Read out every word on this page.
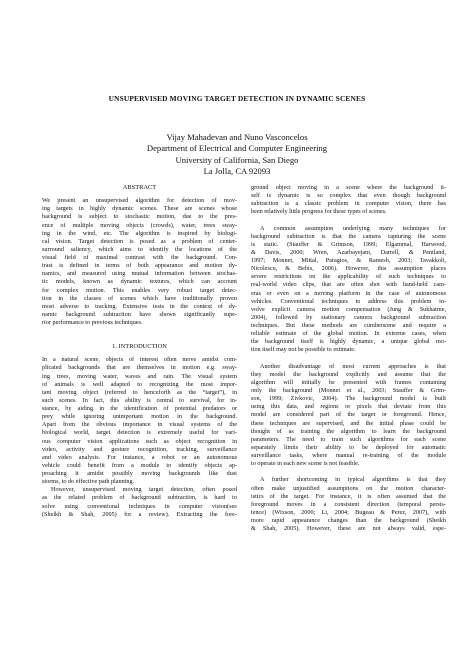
UNSUPERVISED MOVING TARGET DETECTION IN DYNAMIC SCENES
Vijay Mahadevan and Nuno Vasconcelos
Department of Electrical and Computer Engineering
University of California, San Diego
La Jolla, CA 92093
ABSTRACT
We present an unsupervised algorithm for detection of mov-
ing targets in highly dynamic scenes. These are scenes whose
background is subject to stochastic motion, due to the pres-
ence of multiple moving objects (crowds), water, trees sway-
ing in the wind, etc. The algorithm is inspired by biologi-
cal vision. Target detection is posed as a problem of center-
surround saliency, which aims to identify the locations of the
visual field of maximal contrast with the background. Con-
trast is defined in terms of both appearance and motion dy-
namics, and measured using mutual information between stochas-
tic models, known as dynamic textures, which can account
for complex motion. This enables very robust target detec-
tion in the classes of scenes which have traditionally proven
most adverse to tracking. Extensive tests in the context of dy-
namic background subtraction have shown significantly supe-
rior performance to previous techniques.
1. INTRODUCTION
In a natural scene, objects of interest often move amidst com-
plicated backgrounds that are themselves in motion e.g. sway-
ing trees, moving water, waves and rain. The visual system
of animals is well adapted to recognizing the most impor-
tant moving object (referred to henceforth as the “target”), in
such scenes. In fact, this ability is central to survival, for in-
stance, by aiding in the identification of potential predators or
prey while ignoring unimportant motion in the background.
Apart from the obvious importance in visual systems of the
biological world, target detection is extremely useful for vari-
ous computer vision applications such as object recognition in
video, activity and gesture recognition, tracking, surveillance
and video analysis. For instance, a robot or an autonomous
vehicle could benefit from a module to identify objects ap-
proaching it amidst possibly moving backgrounds like dust
storms, to do effective path planning.
However, unsupervised moving target detection, often posed
as the related problem of background subtraction, is hard to
solve using conventional techniques in computer vision(see
(Sheikh & Shah, 2005) for a review). Extracting the fore-
ground object moving in a scene where the background it-
self is dynamic is so complex that even though background
subtraction is a classic problem in computer vision, there has
been relatively little progress for these types of scenes.
A common assumption underlying many techniques for
background subtraction is that the camera capturing the scene
is static. (Stauffer & Grimson, 1999; Elgammal, Harwood,
& Davis, 2000; Wren, Azarbayejani, Darrell, & Pentland,
1997; Monnet, Mittal, Paragios, & Ramesh, 2003; Tavakkoli,
Nicolescu, & Bebis, 2006). However, this assumption places
severe restrictions on the applicability of such techniques to
real-world video clips, that are often shot with hand-held cam-
eras or even on a moving platform in the case of autonomous
vehicles. Conventional techniques to address this problem in-
volve explicit camera motion compensation (Jung & Sukhatme,
2004), followed by stationary camera background subtraction
techniques. But these methods are cumbersome and require a
reliable estimate of the global motion. In extreme cases, when
the background itself is highly dynamic, a unique global mo-
tion itself may not be possible to estimate.
Another disadvantage of most current approaches is that
they model the background explicitly and assume that the
algorithm will initially be presented with frames containing
only the background (Monnet et al., 2003; Stauffer & Grim-
son, 1999; Zivkovic, 2004). The background model is built
using this data, and regions or pixels that deviate from this
model are considered part of the target or foreground. Hence,
these techniques are supervised, and the initial phase could be
thought of as training the algorithm to learn the background
parameters. The need to train such algorithms for each scene
separately limits their ability to be deployed for automatic
surveillance tasks, where manual re-training of the module
to operate in each new scene is not feasible.
A further shortcoming in typical algorithms is that they
often make unjustified assumptions on the motion character-
istics of the target. For instance, it is often assumed that the
foreground moves in a consistent direction (temporal persis-
tence) (Wixson, 2000; Li, 2004; Bugeau & Perez, 2007), with
more rapid appearance changes than the background (Sheikh
& Shah, 2005). However, these are not always valid, espe-
